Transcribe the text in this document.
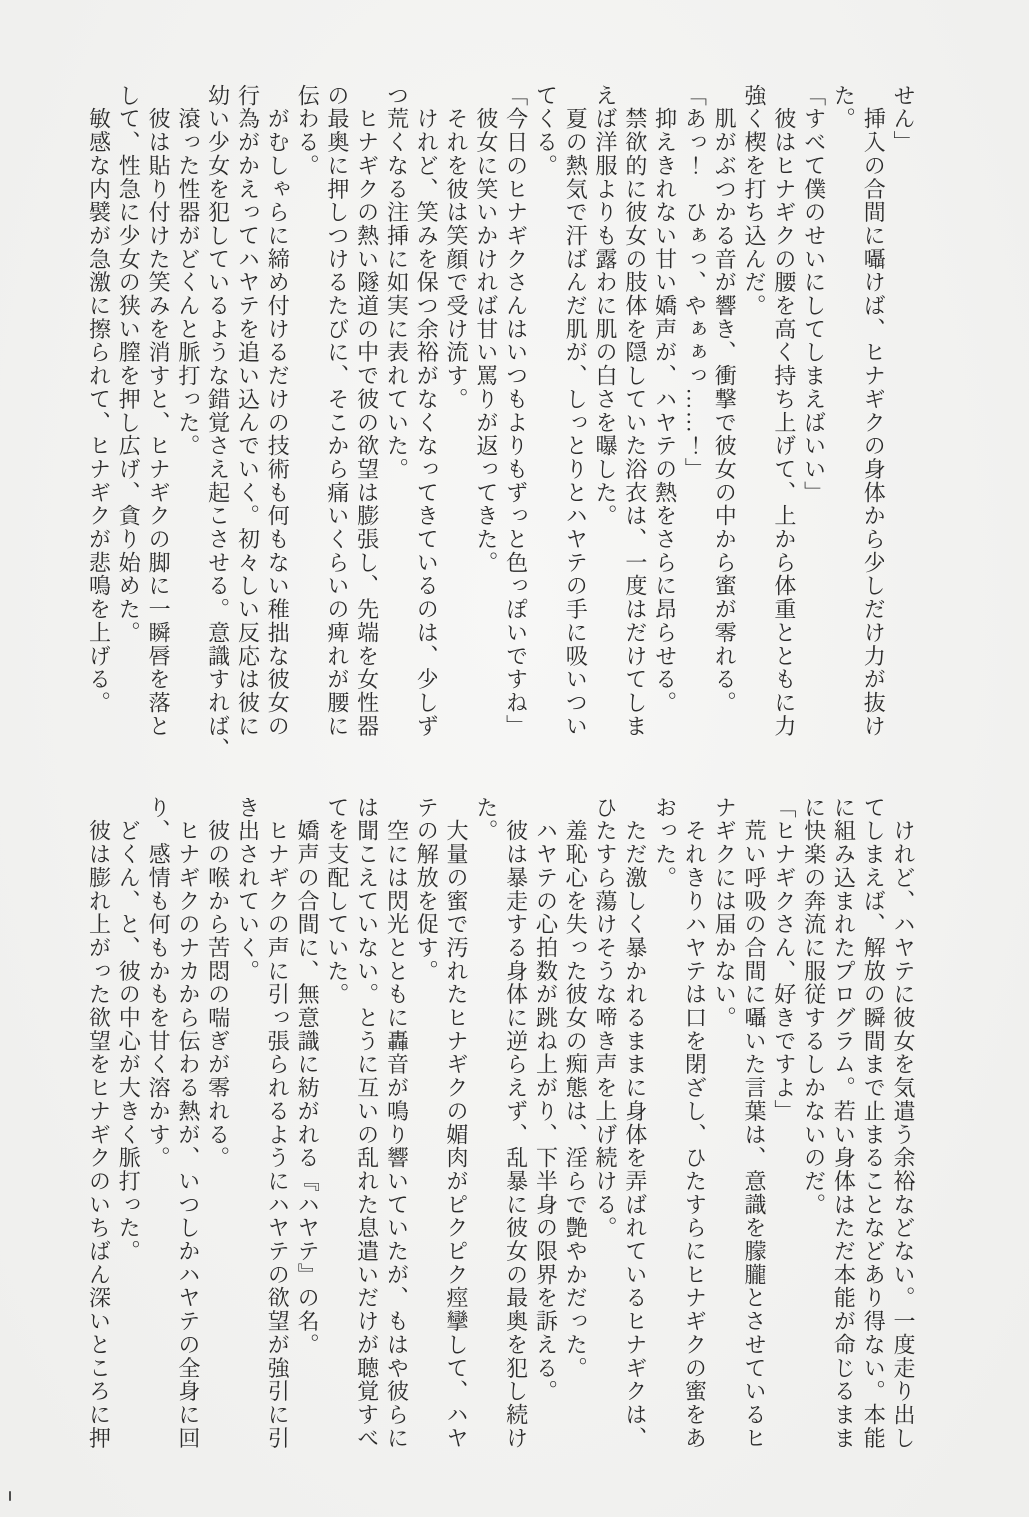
せん」
　挿入の合間に囁けば、ヒナギクの身体から少しだけ力が抜け
た。
「すべて僕のせいにしてしまえばいい」
　彼はヒナギクの腰を高く持ち上げて、上から体重とともに力
強く楔を打ち込んだ。
　肌がぶつかる音が響き、衝撃で彼女の中から蜜が零れる。
「あっ！　ひぁっ、やぁぁっ……！」
　抑えきれない甘い嬌声が、ハヤテの熱をさらに昂らせる。
　禁欲的に彼女の肢体を隠していた浴衣は、一度はだけてしま
えば洋服よりも露わに肌の白さを曝した。
　夏の熱気で汗ばんだ肌が、しっとりとハヤテの手に吸いつい
てくる。
「今日のヒナギクさんはいつもよりもずっと色っぽいですね」
　彼女に笑いかければ甘い罵りが返ってきた。
　それを彼は笑顔で受け流す。
　けれど、笑みを保つ余裕がなくなってきているのは、少しず
つ荒くなる注挿に如実に表れていた。
　ヒナギクの熱い隧道の中で彼の欲望は膨張し、先端を女性器
の最奥に押しつけるたびに、そこから痛いくらいの痺れが腰に
伝わる。
　がむしゃらに締め付けるだけの技術も何もない稚拙な彼女の
行為がかえってハヤテを追い込んでいく。初々しい反応は彼に
幼い少女を犯しているような錯覚さえ起こさせる。意識すれば、
　滾った性器がどくんと脈打った。
　彼は貼り付けた笑みを消すと、ヒナギクの脚に一瞬唇を落と
して、性急に少女の狭い膣を押し広げ、貪り始めた。
　敏感な内襞が急激に擦られて、ヒナギクが悲鳴を上げる。
　けれど、ハヤテに彼女を気遣う余裕などない。一度走り出し
てしまえば、解放の瞬間まで止まることなどあり得ない。本能
に組み込まれたプログラム。若い身体はただ本能が命じるまま
に快楽の奔流に服従するしかないのだ。
「ヒナギクさん、好きですよ」
　荒い呼吸の合間に囁いた言葉は、意識を朦朧とさせているヒ
ナギクには届かない。
　それきりハヤテは口を閉ざし、ひたすらにヒナギクの蜜をあ
おった。
　ただ激しく暴かれるままに身体を弄ばれているヒナギクは、
ひたすら蕩けそうな啼き声を上げ続ける。
　羞恥心を失った彼女の痴態は、淫らで艶やかだった。
　ハヤテの心拍数が跳ね上がり、下半身の限界を訴える。
　彼は暴走する身体に逆らえず、乱暴に彼女の最奥を犯し続け
た。
　大量の蜜で汚れたヒナギクの媚肉がピクピク痙攣して、ハヤ
テの解放を促す。
　空には閃光とともに轟音が鳴り響いていたが、もはや彼らに
は聞こえていない。とうに互いの乱れた息遣いだけが聴覚すべ
てを支配していた。
　嬌声の合間に、無意識に紡がれる『ハヤテ』の名。
　ヒナギクの声に引っ張られるようにハヤテの欲望が強引に引
き出されていく。
　彼の喉から苦悶の喘ぎが零れる。
　ヒナギクのナカから伝わる熱が、いつしかハヤテの全身に回
り、感情も何もかもを甘く溶かす。
　どくん、と、彼の中心が大きく脈打った。
　彼は膨れ上がった欲望をヒナギクのいちばん深いところに押
